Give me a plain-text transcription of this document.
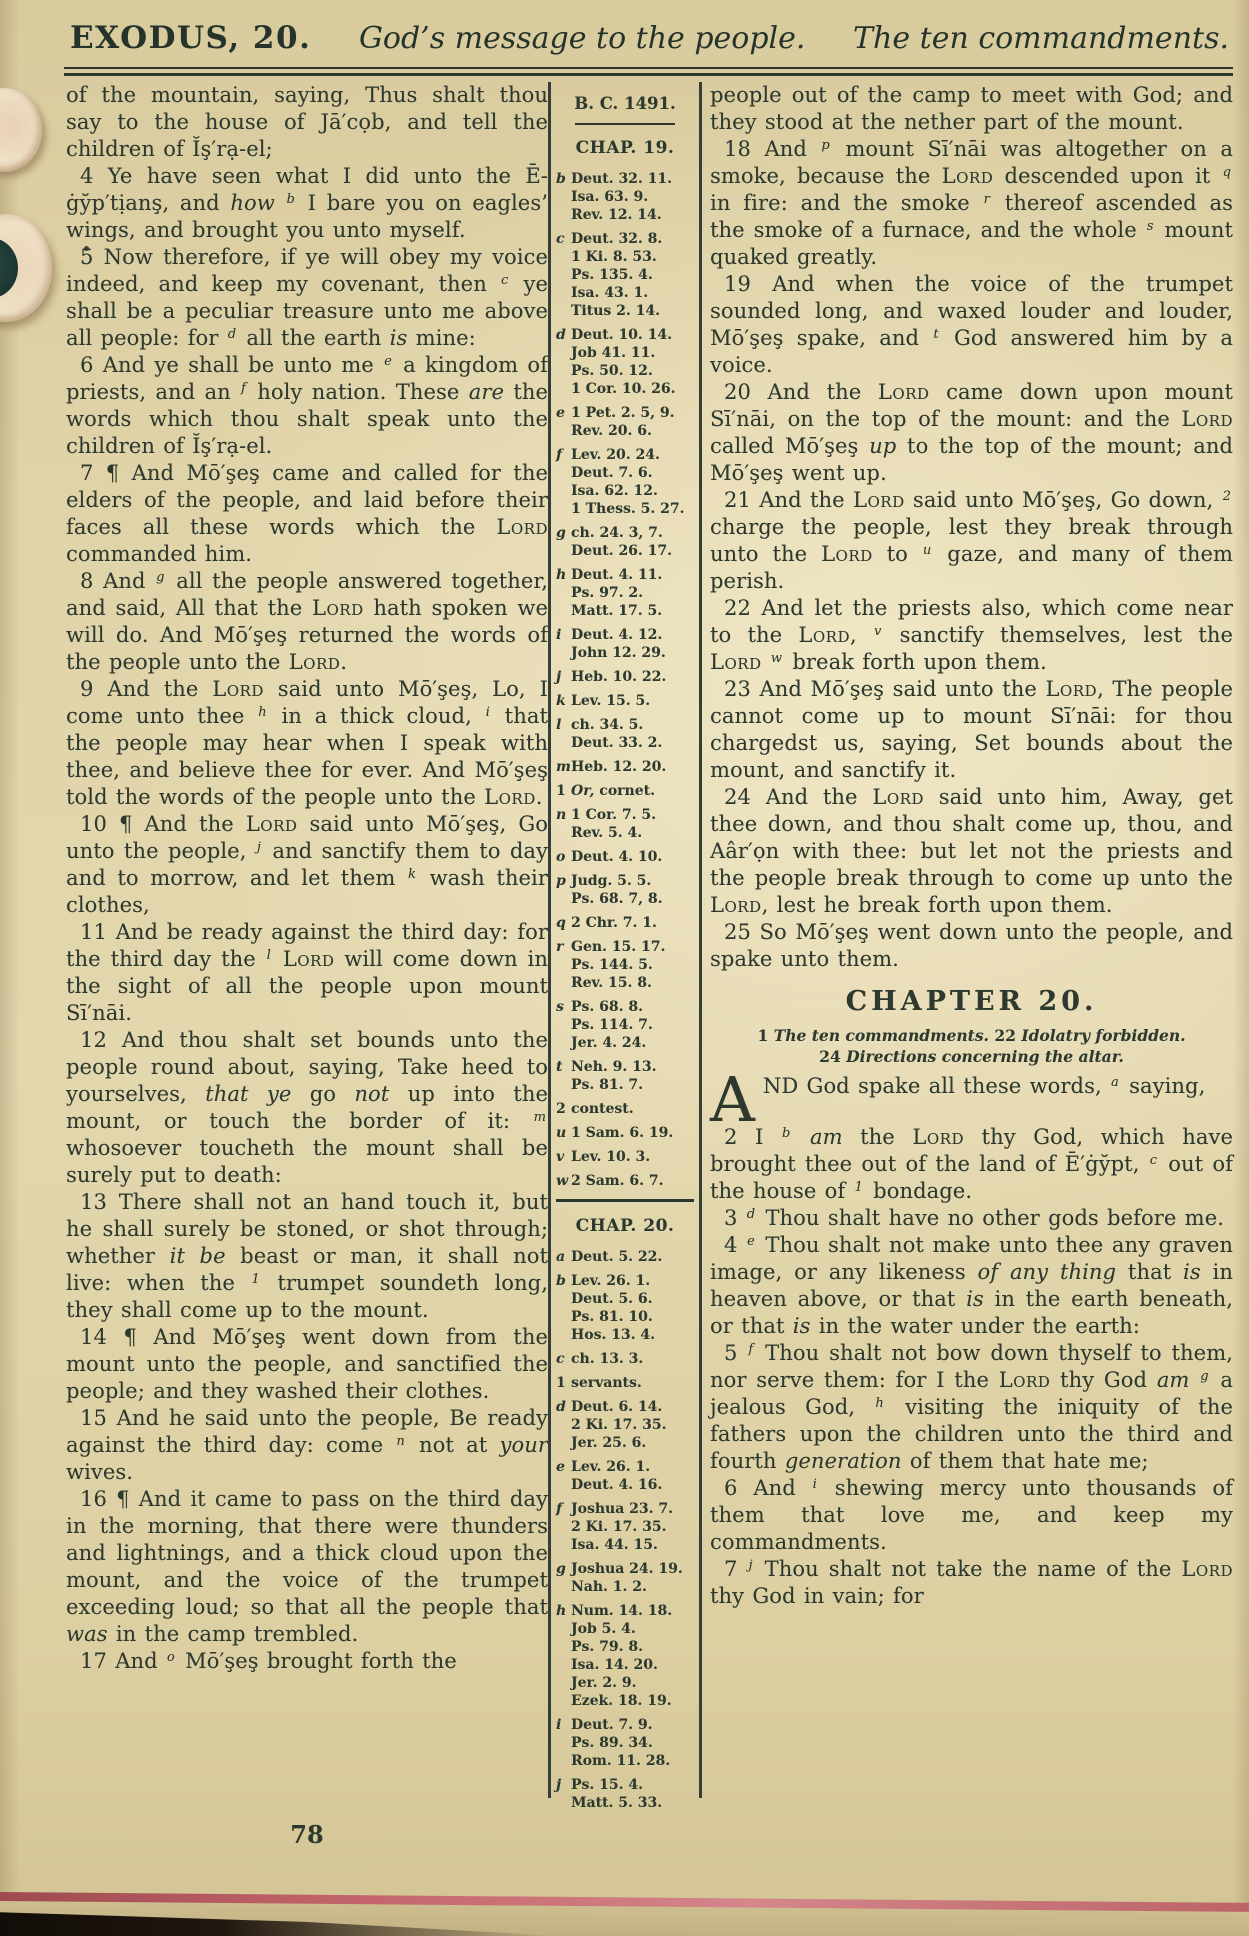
EXODUS, 20.	God’s message to the people.	The ten commandments.

of the mountain, saying, Thus shalt thou say to the house of Jā′cọb, and tell the children of Ĭş′rạ-el;

4 Ye have seen what I did unto the Ē-ġy̆p′tịanş, and how $^b$ I bare you on eagles’ wings, and brought you unto myself.

5 Now therefore, if ye will obey my voice indeed, and keep my covenant, then $^c$ ye shall be a peculiar treasure unto me above all people: for $^d$ all the earth is mine:

6 And ye shall be unto me $^e$ a kingdom of priests, and an $^f$ holy nation. These are the words which thou shalt speak unto the children of Ĭş′rạ-el.

7 ¶ And Mō′şeş came and called for the elders of the people, and laid before their faces all these words which the Lord commanded him.

8 And $^g$ all the people answered together, and said, All that the Lord hath spoken we will do. And Mō′şeş returned the words of the people unto the Lord.

9 And the Lord said unto Mō′şeş, Lo, I come unto thee $^h$ in a thick cloud, $^i$ that the people may hear when I speak with thee, and believe thee for ever. And Mō′şeş told the words of the people unto the Lord.

10 ¶ And the Lord said unto Mō′şeş, Go unto the people, $^j$ and sanctify them to day and to morrow, and let them $^k$ wash their clothes,

11 And be ready against the third day: for the third day the $^l$ Lord will come down in the sight of all the people upon mount Sī′nāi.

12 And thou shalt set bounds unto the people round about, saying, Take heed to yourselves, that ye go not up into the mount, or touch the border of it: $^m$ whosoever toucheth the mount shall be surely put to death:

13 There shall not an hand touch it, but he shall surely be stoned, or shot through; whether it be beast or man, it shall not live: when the $^1$ trumpet soundeth long, they shall come up to the mount.

14 ¶ And Mō′şeş went down from the mount unto the people, and sanctified the people; and they washed their clothes.

15 And he said unto the people, Be ready against the third day: come $^n$ not at your wives.

16 ¶ And it came to pass on the third day in the morning, that there were thunders and lightnings, and a thick cloud upon the mount, and the voice of the trumpet exceeding loud; so that all the people that was in the camp trembled.

17 And $^o$ Mō′şeş brought forth the

B. C. 1491.
CHAP. 19.
b Deut. 32. 11.
Isa. 63. 9.
Rev. 12. 14.
c Deut. 32. 8.
1 Ki. 8. 53.
Ps. 135. 4.
Isa. 43. 1.
Titus 2. 14.
d Deut. 10. 14.
Job 41. 11.
Ps. 50. 12.
1 Cor. 10. 26.
e 1 Pet. 2. 5, 9.
Rev. 20. 6.
f Lev. 20. 24.
Deut. 7. 6.
Isa. 62. 12.
1 Thess. 5. 27.
g ch. 24. 3, 7.
Deut. 26. 17.
h Deut. 4. 11.
Ps. 97. 2.
Matt. 17. 5.
i Deut. 4. 12.
John 12. 29.
j Heb. 10. 22.
k Lev. 15. 5.
l ch. 34. 5.
Deut. 33. 2.
m Heb. 12. 20.
1 Or, cornet.
n 1 Cor. 7. 5.
Rev. 5. 4.
o Deut. 4. 10.
p Judg. 5. 5.
Ps. 68. 7, 8.
q 2 Chr. 7. 1.
r Gen. 15. 17.
Ps. 144. 5.
Rev. 15. 8.
s Ps. 68. 8.
Ps. 114. 7.
Jer. 4. 24.
t Neh. 9. 13.
Ps. 81. 7.
2 contest.
u 1 Sam. 6. 19.
v Lev. 10. 3.
w 2 Sam. 6. 7.
CHAP. 20.
a Deut. 5. 22.
b Lev. 26. 1.
Deut. 5. 6.
Ps. 81. 10.
Hos. 13. 4.
c ch. 13. 3.
1 servants.
d Deut. 6. 14.
2 Ki. 17. 35.
Jer. 25. 6.
e Lev. 26. 1.
Deut. 4. 16.
f Joshua 23. 7.
2 Ki. 17. 35.
Isa. 44. 15.
g Joshua 24. 19.
Nah. 1. 2.
h Num. 14. 18.
Job 5. 4.
Ps. 79. 8.
Isa. 14. 20.
Jer. 2. 9.
Ezek. 18. 19.
i Deut. 7. 9.
Ps. 89. 34.
Rom. 11. 28.
j Ps. 15. 4.
Matt. 5. 33.

people out of the camp to meet with God; and they stood at the nether part of the mount.

18 And $^p$ mount Sī′nāi was altogether on a smoke, because the Lord descended upon it $^q$ in fire: and the smoke $^r$ thereof ascended as the smoke of a furnace, and the whole $^s$ mount quaked greatly.

19 And when the voice of the trumpet sounded long, and waxed louder and louder, Mō′şeş spake, and $^t$ God answered him by a voice.

20 And the Lord came down upon mount Sī′nāi, on the top of the mount: and the Lord called Mō′şeş up to the top of the mount; and Mō′şeş went up.

21 And the Lord said unto Mō′şeş, Go down, $^2$ charge the people, lest they break through unto the Lord to $^u$ gaze, and many of them perish.

22 And let the priests also, which come near to the Lord, $^v$ sanctify themselves, lest the Lord $^w$ break forth upon them.

23 And Mō′şeş said unto the Lord, The people cannot come up to mount Sī′nāi: for thou chargedst us, saying, Set bounds about the mount, and sanctify it.

24 And the Lord said unto him, Away, get thee down, and thou shalt come up, thou, and Aâr′ọn with thee: but let not the priests and the people break through to come up unto the Lord, lest he break forth upon them.

25 So Mō′şeş went down unto the people, and spake unto them.

CHAPTER 20.
1 The ten commandments. 22 Idolatry forbidden.
24 Directions concerning the altar.

AND God spake all these words, $^a$ saying,

2 I $^b$ am the Lord thy God, which have brought thee out of the land of Ē′ġy̆pt, $^c$ out of the house of $^1$ bondage.

3 $^d$ Thou shalt have no other gods before me.

4 $^e$ Thou shalt not make unto thee any graven image, or any likeness of any thing that is in heaven above, or that is in the earth beneath, or that is in the water under the earth:

5 $^f$ Thou shalt not bow down thyself to them, nor serve them: for I the Lord thy God am $^g$ a jealous God, $^h$ visiting the iniquity of the fathers upon the children unto the third and fourth generation of them that hate me;

6 And $^i$ shewing mercy unto thousands of them that love me, and keep my commandments.

7 $^j$ Thou shalt not take the name of the Lord thy God in vain; for

78
